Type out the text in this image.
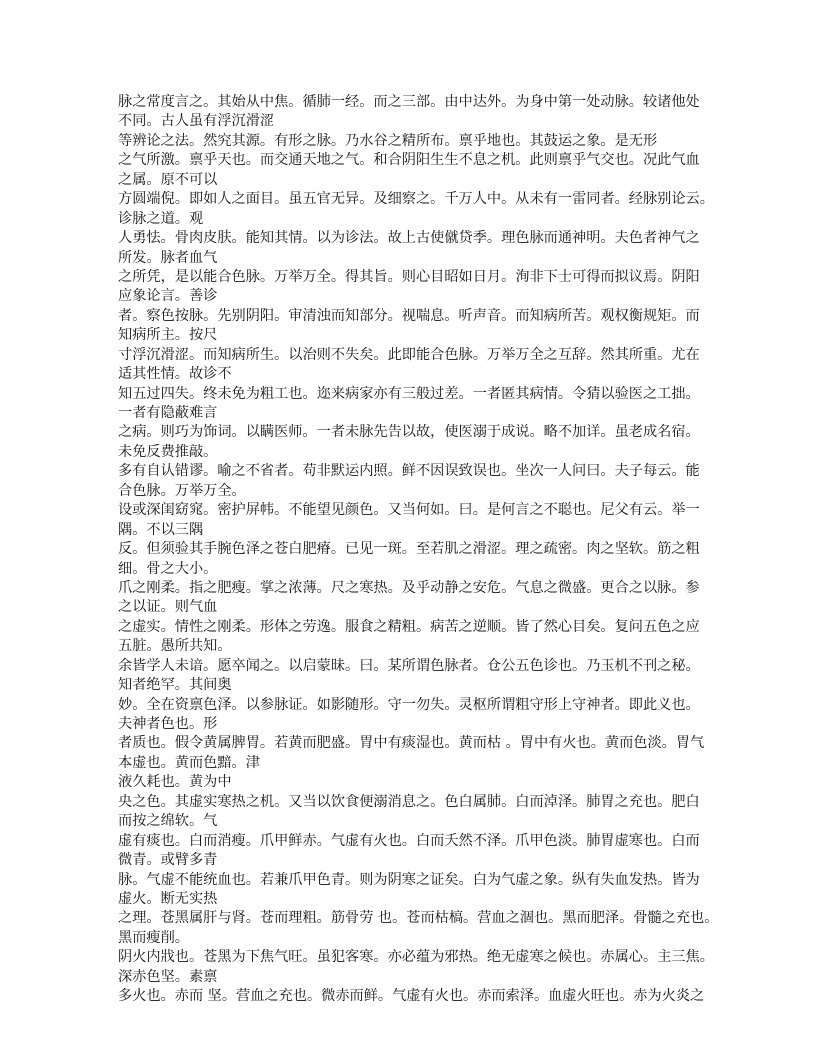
脉之常度言之。其始从中焦。循肺一经。而之三部。由中达外。为身中第一处动脉。较诸他处
不同。古人虽有浮沉滑涩
等辨论之法。然究其源。有形之脉。乃水谷之精所布。禀乎地也。其鼓运之象。是无形
之气所激。禀乎天也。而交通天地之气。和合阴阳生生不息之机。此则禀乎气交也。况此气血
之属。原不可以
方圆端倪。即如人之面目。虽五官无异。及细察之。千万人中。从未有一雷同者。经脉别论云。
诊脉之道。观
人勇怯。骨肉皮肤。能知其情。以为诊法。故上古使僦贷季。理色脉而通神明。夫色者神气之
所发。脉者血气
之所凭，是以能合色脉。万举万全。得其旨。则心目昭如日月。洵非下士可得而拟议焉。阴阳
应象论言。善诊
者。察色按脉。先别阴阳。审清浊而知部分。视喘息。听声音。而知病所苦。观权衡规矩。而
知病所主。按尺
寸浮沉滑涩。而知病所生。以治则不失矣。此即能合色脉。万举万全之互辞。然其所重。尤在
适其性情。故诊不
知五过四失。终未免为粗工也。迩来病家亦有三般过差。一者匿其病情。令猜以验医之工拙。
一者有隐蔽难言
之病。则巧为饰词。以瞒医师。一者未脉先告以故，使医溺于成说。略不加详。虽老成名宿。
未免反费推敲。
多有自认错谬。喻之不省者。苟非默运内照。鲜不因误致误也。坐次一人问曰。夫子每云。能
合色脉。万举万全。
设或深闺窈窕。密护屏帏。不能望见颜色。又当何如。曰。是何言之不聪也。尼父有云。举一
隅。不以三隅
反。但须验其手腕色泽之苍白肥瘠。已见一斑。至若肌之滑涩。理之疏密。肉之坚软。筋之粗
细。骨之大小。
爪之刚柔。指之肥瘦。掌之浓薄。尺之寒热。及乎动静之安危。气息之微盛。更合之以脉。参
之以证。则气血
之虚实。情性之刚柔。形体之劳逸。服食之精粗。病苦之逆顺。皆了然心目矣。复问五色之应
五脏。愚所共知。
余皆学人未谙。愿卒闻之。以启蒙昧。曰。某所谓色脉者。仓公五色诊也。乃玉机不刊之秘。
知者绝罕。其间奥
妙。全在资禀色泽。以参脉证。如影随形。守一勿失。灵枢所谓粗守形上守神者。即此义也。
夫神者色也。形
者质也。假令黄属脾胃。若黄而肥盛。胃中有痰湿也。黄而枯 。胃中有火也。黄而色淡。胃气
本虚也。黄而色黯。津
液久耗也。黄为中
央之色。其虚实寒热之机。又当以饮食便溺消息之。色白属肺。白而淖泽。肺胃之充也。肥白
而按之绵软。气
虚有痰也。白而消瘦。爪甲鲜赤。气虚有火也。白而夭然不泽。爪甲色淡。肺胃虚寒也。白而
微青。或臂多青
脉。气虚不能统血也。若兼爪甲色青。则为阴寒之证矣。白为气虚之象。纵有失血发热。皆为
虚火。断无实热
之理。苍黑属肝与肾。苍而理粗。筋骨劳 也。苍而枯槁。营血之涸也。黑而肥泽。骨髓之充也。
黑而瘦削。
阴火内戕也。苍黑为下焦气旺。虽犯客寒。亦必蕴为邪热。绝无虚寒之候也。赤属心。主三焦。
深赤色坚。素禀
多火也。赤而 坚。营血之充也。微赤而鲜。气虚有火也。赤而索泽。血虚火旺也。赤为火炎之
